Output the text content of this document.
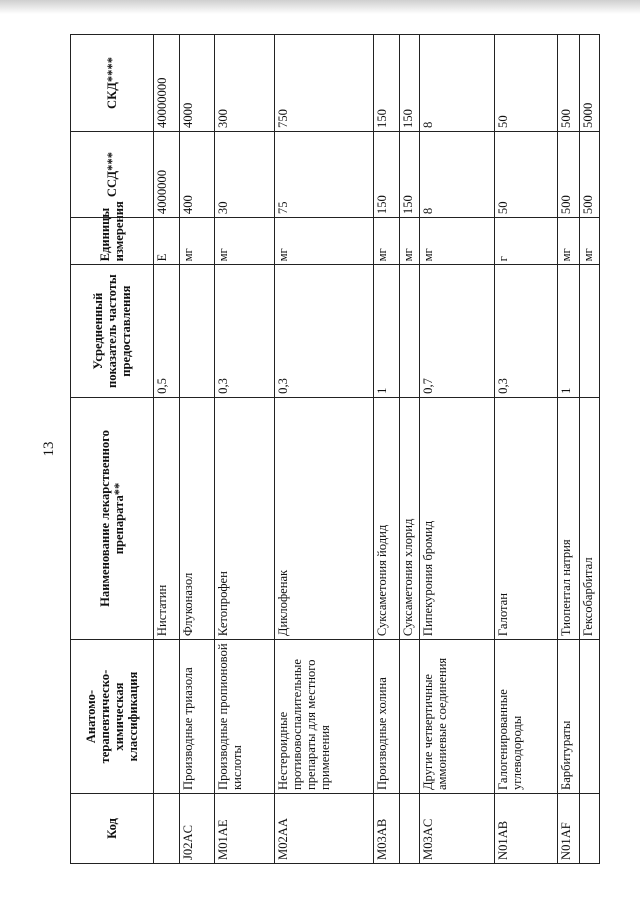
13
Код	Анатомо-терапевтическо-химическая классификация	Наименование лекарственного препарата**	Усредненный показатель частоты предоставления	Единицы измерения	ССД***	СКД****
		Нистатин	0,5	Е	4000000	40000000
J02AC	Производные триазола	Флуконазол		мг	400	4000
M01AE	Производные пропионовой кислоты	Кетопрофен	0,3	мг	30	300
M02AA	Нестероидные противовоспалительные препараты для местного применения	Диклофенак	0,3	мг	75	750
M03AB	Производные холина	Суксаметония йодид	1	мг	150	150
		Суксаметония хлорид		мг	150	150
M03AC	Другие четвертичные аммониевые соединения	Пипекурония бромид	0,7	мг	8	8
N01AB	Галогенированные углеводороды	Галотан	0,3	г	50	50
N01AF	Барбитураты	Тиопентал натрия	1	мг	500	500
		Гексобарбитал		мг	500	5000
